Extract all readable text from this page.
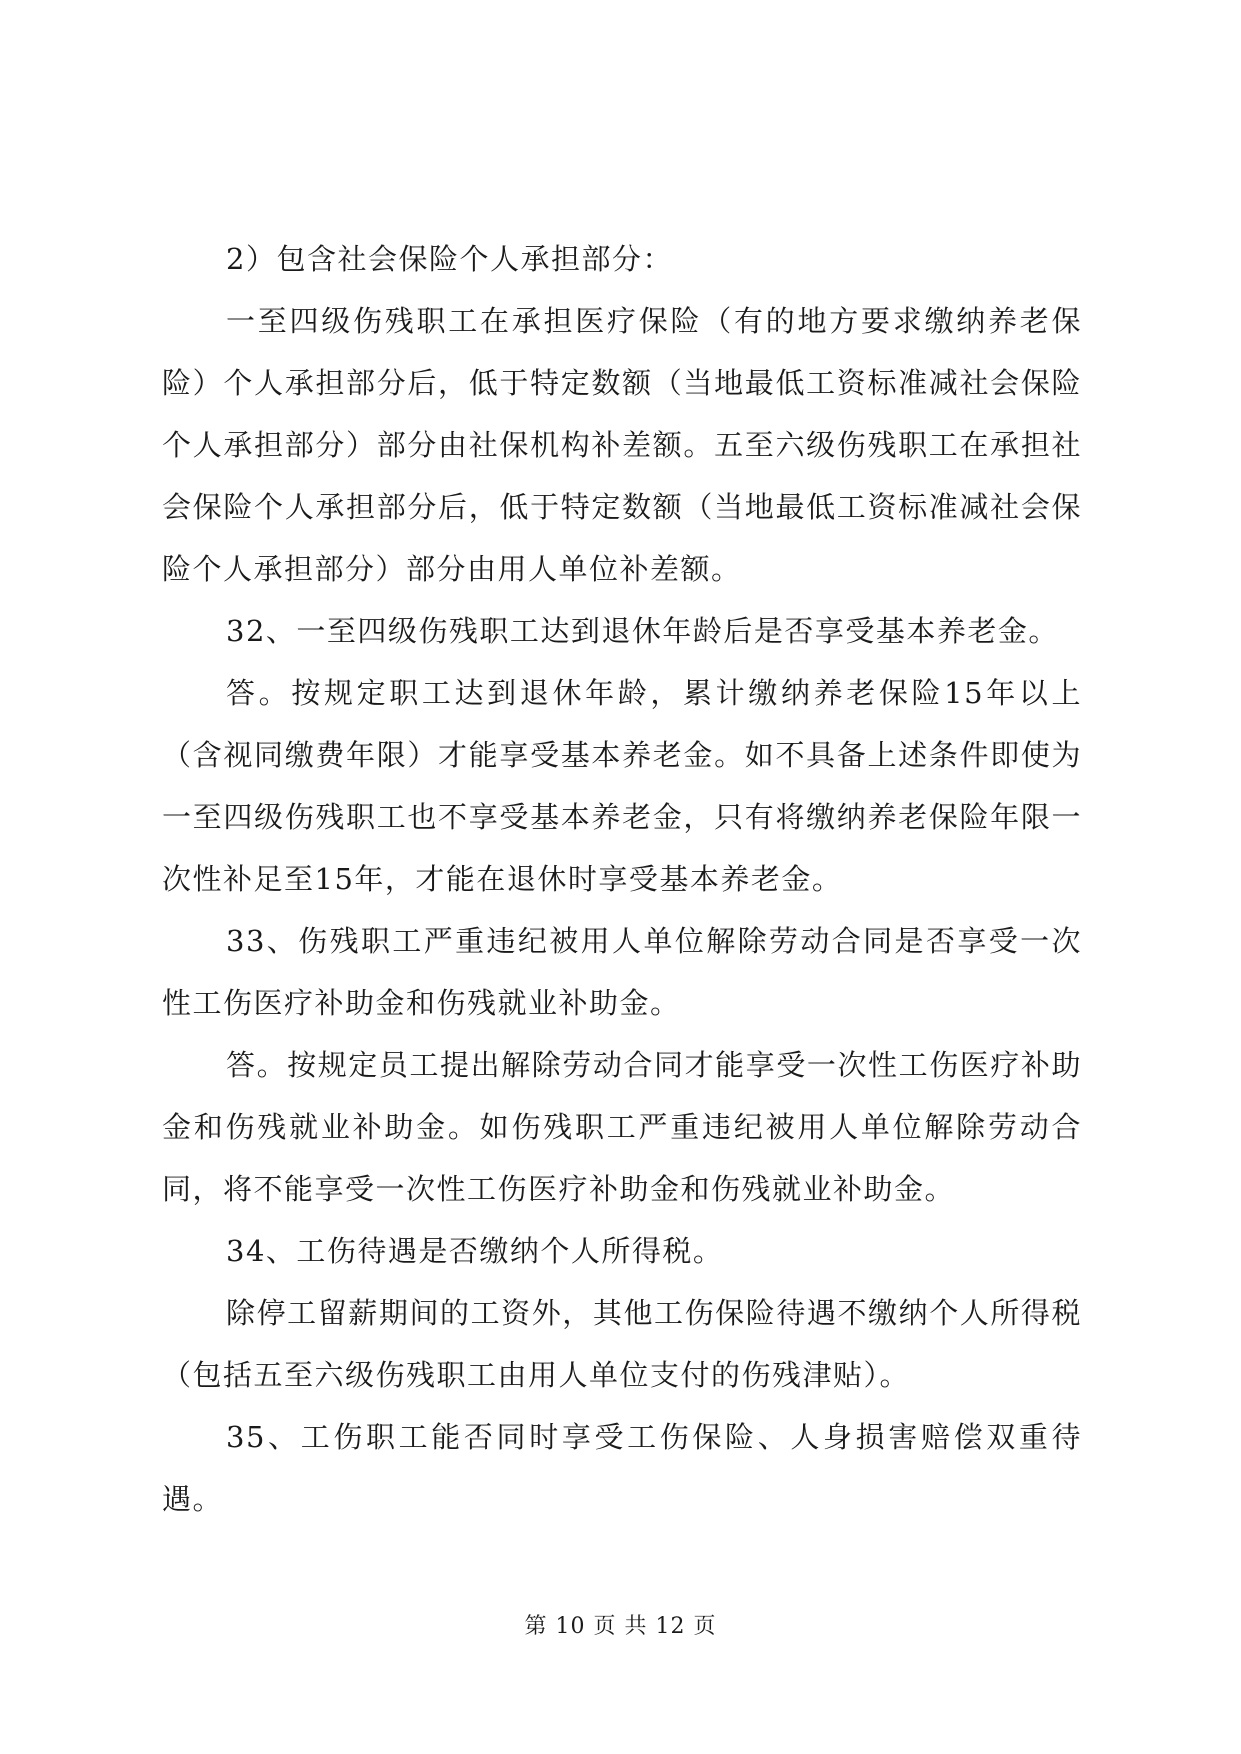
2）包含社会保险个人承担部分：

一至四级伤残职工在承担医疗保险（有的地方要求缴纳养老保险）个人承担部分后，低于特定数额（当地最低工资标准减社会保险个人承担部分）部分由社保机构补差额。五至六级伤残职工在承担社会保险个人承担部分后，低于特定数额（当地最低工资标准减社会保险个人承担部分）部分由用人单位补差额。

32、一至四级伤残职工达到退休年龄后是否享受基本养老金。

答。按规定职工达到退休年龄，累计缴纳养老保险15年以上（含视同缴费年限）才能享受基本养老金。如不具备上述条件即使为一至四级伤残职工也不享受基本养老金，只有将缴纳养老保险年限一次性补足至15年，才能在退休时享受基本养老金。

33、伤残职工严重违纪被用人单位解除劳动合同是否享受一次性工伤医疗补助金和伤残就业补助金。

答。按规定员工提出解除劳动合同才能享受一次性工伤医疗补助金和伤残就业补助金。如伤残职工严重违纪被用人单位解除劳动合同，将不能享受一次性工伤医疗补助金和伤残就业补助金。

34、工伤待遇是否缴纳个人所得税。

除停工留薪期间的工资外，其他工伤保险待遇不缴纳个人所得税（包括五至六级伤残职工由用人单位支付的伤残津贴）。

35、工伤职工能否同时享受工伤保险、人身损害赔偿双重待遇。

第 10 页 共 12 页
